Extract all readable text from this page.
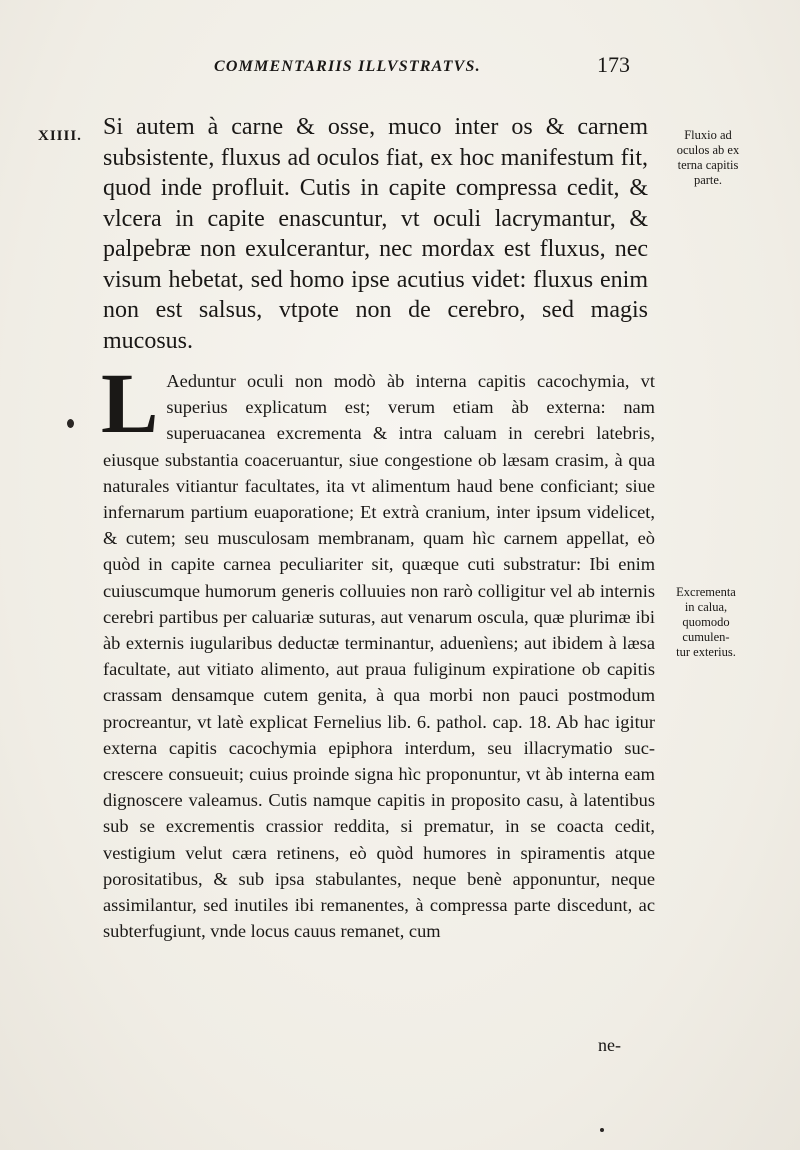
COMMENTARIIS ILLVSTRATVS.	173
XIIII. Si autem à carne & osse, muco inter os & carnem subsistente, fluxus ad oculos fiat, ex hoc manifestum fit, quod inde profluit. Cutis in capite compressa cedit, & vlcera in capite enascuntur, vt oculi lacrymantur, & palpebræ non exulcerantur, nec mordax est fluxus, nec visum hebetat, sed homo ipse acutius videt: fluxus enim non est salsus, vtpote non de cerebro, sed magis mucosus.
Fluxio ad
oculos ab ex
terna capitis
parte.
L Aeduntur oculi non modò àb interna capitis cacochymia, vt superius explicatum est; verum etiam àb externa: nam superuacanea excrementa & intra caluam in cerebri latebris, eiusque substantia coaceruantur, siue congestione ob læsam crasim, à qua naturales vitiantur facultates, ita vt alimentum haud bene conficiant; siue infernarum partium euaporatione; Et extrà cranium, inter ipsum videlicet, & cutem; seu musculosam membranam, quam hìc carnem appellat, eò quòd in capite carnea peculiariter sit, quæque cuti substratur: Ibi enim cuiuscumque humorum generis colluuies non rarò colligitur vel ab internis cerebri partibus per caluariæ suturas, aut venarum oscula, quæ plurimæ ibi àb externis iugularibus deductæ terminantur, aduenìens; aut ibidem à læsa facultate, aut vitiato alimento, aut praua fuliginum expiratione ob capitis crassam densamque cutem genita, à qua morbi non pauci postmodum procreantur, vt latè explicat Fernelius lib. 6. pathol. cap. 18. Ab hac igitur externa capitis cacochymia epiphora interdum, seu illacrymatio succrescere consueuit; cuius proinde signa hìc proponuntur, vt àb interna eam dignoscere valeamus. Cutis namque capitis in proposito casu, à latentibus sub se excrementis crassior reddita, si prematur, in se coacta cedit, vestigium velut cæra retinens, eò quòd humores in spiramentis atque porositatibus, & sub ipsa stabulantes, neque benè apponuntur, neque assimilantur, sed inutiles ibi remanentes, à compressa parte discedunt, ac subterfugiunt, vnde locus cauus remanet, cum
Excrementa
in calua,
quomodo
cumulen-
tur exterius.
ne-
